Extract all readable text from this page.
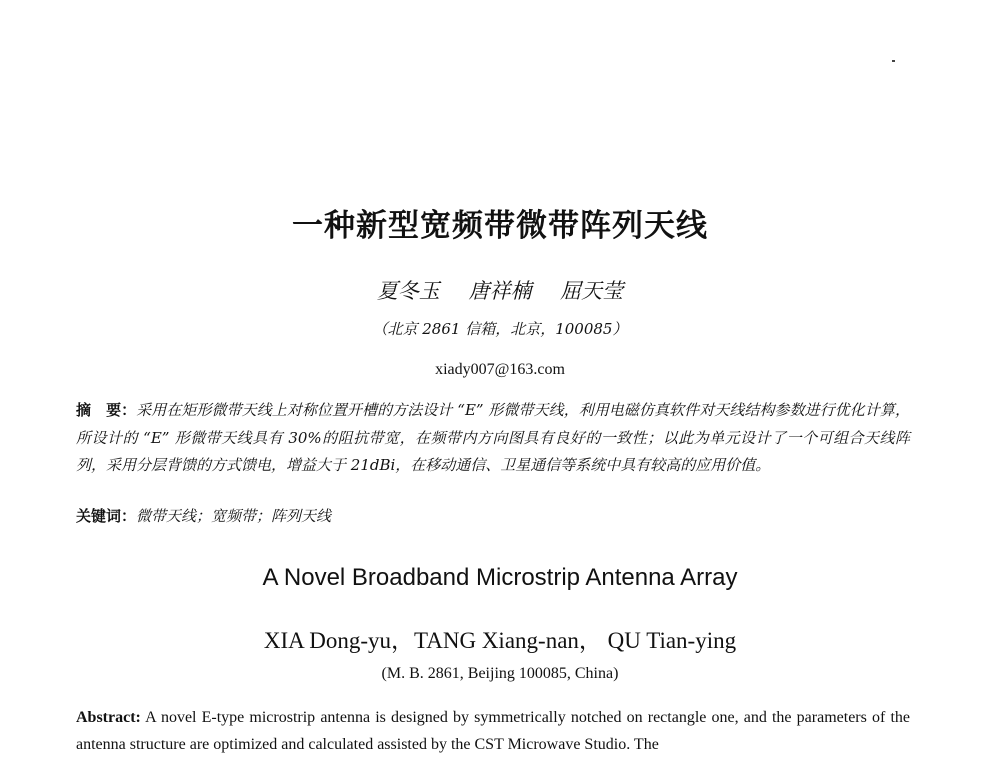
一种新型宽频带微带阵列天线
夏冬玉 唐祥楠 屈天莹
（北京 2861 信箱，北京，100085）
xiady007@163.com
摘　要：采用在矩形微带天线上对称位置开槽的方法设计 “E” 形微带天线，利用电磁仿真软件对天线结构参数进行优化计算，所设计的 “E” 形微带天线具有 30%的阻抗带宽，在频带内方向图具有良好的一致性；以此为单元设计了一个可组合天线阵列，采用分层背馈的方式馈电，增益大于 21dBi，在移动通信、卫星通信等系统中具有较高的应用价值。
关键词：微带天线；宽频带；阵列天线
A Novel Broadband Microstrip Antenna Array
XIA Dong-yu，TANG Xiang-nan， QU Tian-ying
(M. B. 2861, Beijing 100085, China)
Abstract: A novel E-type microstrip antenna is designed by symmetrically notched on rectangle one, and the parameters of the antenna structure are optimized and calculated assisted by the CST Microwave Studio. The
